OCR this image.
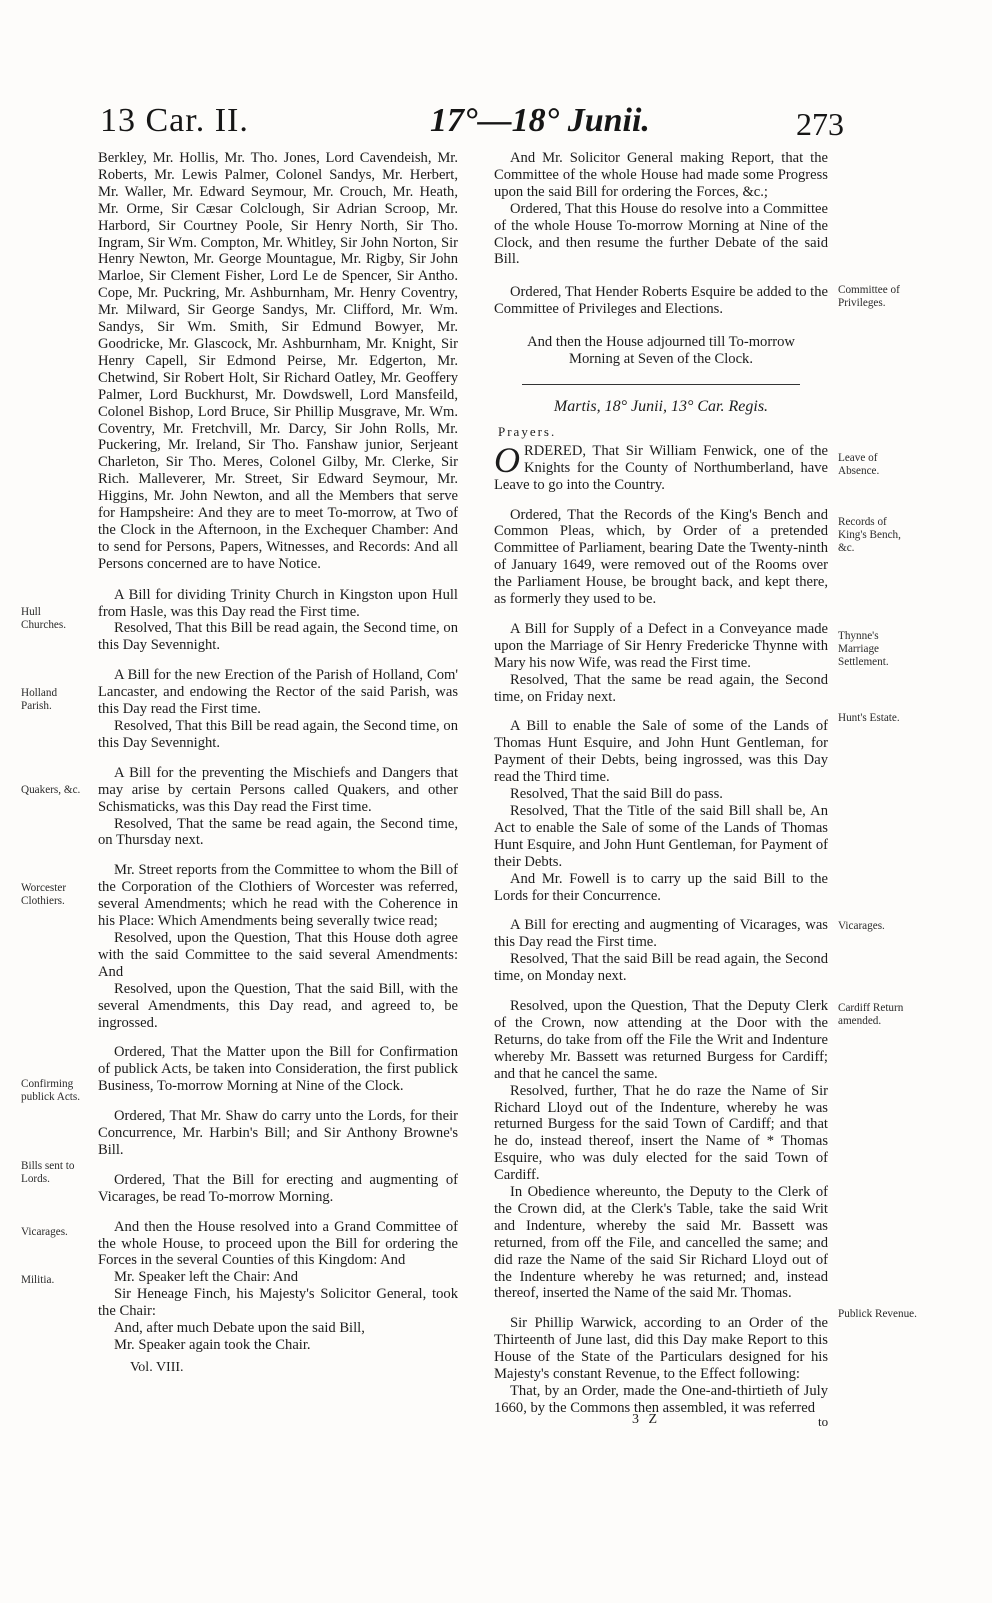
13 Car. II.	17°—18° Junii.	273

Berkley, Mr. Hollis, Mr. Tho. Jones, Lord Cavendeish, Mr. Roberts, Mr. Lewis Palmer, Colonel Sandys, Mr. Herbert, Mr. Waller, Mr. Edward Seymour, Mr. Crouch, Mr. Heath, Mr. Orme, Sir Cæsar Colclough, Sir Adrian Scroop, Mr. Harbord, Sir Courtney Poole, Sir Henry North, Sir Tho. Ingram, Sir Wm. Compton, Mr. Whitley, Sir John Norton, Sir Henry Newton, Mr. George Mountague, Mr. Rigby, Sir John Marloe, Sir Clement Fisher, Lord Le de Spencer, Sir Antho. Cope, Mr. Puckring, Mr. Ashburnham, Mr. Henry Coventry, Mr. Milward, Sir George Sandys, Mr. Clifford, Mr. Wm. Sandys, Sir Wm. Smith, Sir Edmund Bowyer, Mr. Goodricke, Mr. Glascock, Mr. Ashburnham, Mr. Knight, Sir Henry Capell, Sir Edmond Peirse, Mr. Edgerton, Mr. Chetwind, Sir Robert Holt, Sir Richard Oatley, Mr. Geoffery Palmer, Lord Buckhurst, Mr. Dowdswell, Lord Mansfeild, Colonel Bishop, Lord Bruce, Sir Phillip Musgrave, Mr. Wm. Coventry, Mr. Fretchvill, Mr. Darcy, Sir John Rolls, Mr. Puckering, Mr. Ireland, Sir Tho. Fanshaw junior, Serjeant Charleton, Sir Tho. Meres, Colonel Gilby, Mr. Clerke, Sir Rich. Malleverer, Mr. Street, Sir Edward Seymour, Mr. Higgins, Mr. John Newton, and all the Members that serve for Hampsheire: And they are to meet To-morrow, at Two of the Clock in the Afternoon, in the Exchequer Chamber: And to send for Persons, Papers, Witnesses, and Records: And all Persons concerned are to have Notice.

A Bill for dividing Trinity Church in Kingston upon Hull from Hasle, was this Day read the First time.

Resolved, That this Bill be read again, the Second time, on this Day Sevennight.

A Bill for the new Erection of the Parish of Holland, Com' Lancaster, and endowing the Rector of the said Parish, was this Day read the First time.

Resolved, That this Bill be read again, the Second time, on this Day Sevennight.

A Bill for the preventing the Mischiefs and Dangers that may arise by certain Persons called Quakers, and other Schismaticks, was this Day read the First time.

Resolved, That the same be read again, the Second time, on Thursday next.

Mr. Street reports from the Committee to whom the Bill of the Corporation of the Clothiers of Worcester was referred, several Amendments; which he read with the Coherence in his Place: Which Amendments being severally twice read;

Resolved, upon the Question, That this House doth agree with the said Committee to the said several Amendments: And

Resolved, upon the Question, That the said Bill, with the several Amendments, this Day read, and agreed to, be ingrossed.

Ordered, That the Matter upon the Bill for Confirmation of publick Acts, be taken into Consideration, the first publick Business, To-morrow Morning at Nine of the Clock.

Ordered, That Mr. Shaw do carry unto the Lords, for their Concurrence, Mr. Harbin's Bill; and Sir Anthony Browne's Bill.

Ordered, That the Bill for erecting and augmenting of Vicarages, be read To-morrow Morning.

And then the House resolved into a Grand Committee of the whole House, to proceed upon the Bill for ordering the Forces in the several Counties of this Kingdom: And

Mr. Speaker left the Chair: And

Sir Heneage Finch, his Majesty's Solicitor General, took the Chair:

And, after much Debate upon the said Bill,

Mr. Speaker again took the Chair.

Vol. VIII.

And Mr. Solicitor General making Report, that the Committee of the whole House had made some Progress upon the said Bill for ordering the Forces, &c.;

Ordered, That this House do resolve into a Committee of the whole House To-morrow Morning at Nine of the Clock, and then resume the further Debate of the said Bill.

Ordered, That Hender Roberts Esquire be added to the Committee of Privileges and Elections.

And then the House adjourned till To-morrow Morning at Seven of the Clock.

Martis, 18° Junii, 13° Car. Regis.
Prayers.

ORDERED, That Sir William Fenwick, one of the Knights for the County of Northumberland, have Leave to go into the Country.

Ordered, That the Records of the King's Bench and Common Pleas, which, by Order of a pretended Committee of Parliament, bearing Date the Twenty-ninth of January 1649, were removed out of the Rooms over the Parliament House, be brought back, and kept there, as formerly they used to be.

A Bill for Supply of a Defect in a Conveyance made upon the Marriage of Sir Henry Fredericke Thynne with Mary his now Wife, was read the First time.

Resolved, That the same be read again, the Second time, on Friday next.

A Bill to enable the Sale of some of the Lands of Thomas Hunt Esquire, and John Hunt Gentleman, for Payment of their Debts, being ingrossed, was this Day read the Third time.

Resolved, That the said Bill do pass.

Resolved, That the Title of the said Bill shall be, An Act to enable the Sale of some of the Lands of Thomas Hunt Esquire, and John Hunt Gentleman, for Payment of their Debts.

And Mr. Fowell is to carry up the said Bill to the Lords for their Concurrence.

A Bill for erecting and augmenting of Vicarages, was this Day read the First time.

Resolved, That the said Bill be read again, the Second time, on Monday next.

Resolved, upon the Question, That the Deputy Clerk of the Crown, now attending at the Door with the Returns, do take from off the File the Writ and Indenture whereby Mr. Bassett was returned Burgess for Cardiff; and that he cancel the same.

Resolved, further, That he do raze the Name of Sir Richard Lloyd out of the Indenture, whereby he was returned Burgess for the said Town of Cardiff; and that he do, instead thereof, insert the Name of * Thomas Esquire, who was duly elected for the said Town of Cardiff.

In Obedience whereunto, the Deputy to the Clerk of the Crown did, at the Clerk's Table, take the said Writ and Indenture, whereby the said Mr. Bassett was returned, from off the File, and cancelled the same; and did raze the Name of the said Sir Richard Lloyd out of the Indenture whereby he was returned; and, instead thereof, inserted the Name of the said Mr. Thomas.

Sir Phillip Warwick, according to an Order of the Thirteenth of June last, did this Day make Report to this House of the State of the Particulars designed for his Majesty's constant Revenue, to the Effect following:

That, by an Order, made the One-and-thirtieth of July 1660, by the Commons then assembled, it was referred

3 Z	to
Hull Churches.
Holland Parish.
Quakers, &c.
Worcester Clothiers.
Confirming publick Acts.
Bills sent to Lords.
Vicarages.
Militia.
Committee of Privileges.
Leave of Absence.
Records of King's Bench, &c.
Thynne's Marriage Settlement.
Hunt's Estate.
Vicarages.
Cardiff Return amended.
Publick Revenue.
